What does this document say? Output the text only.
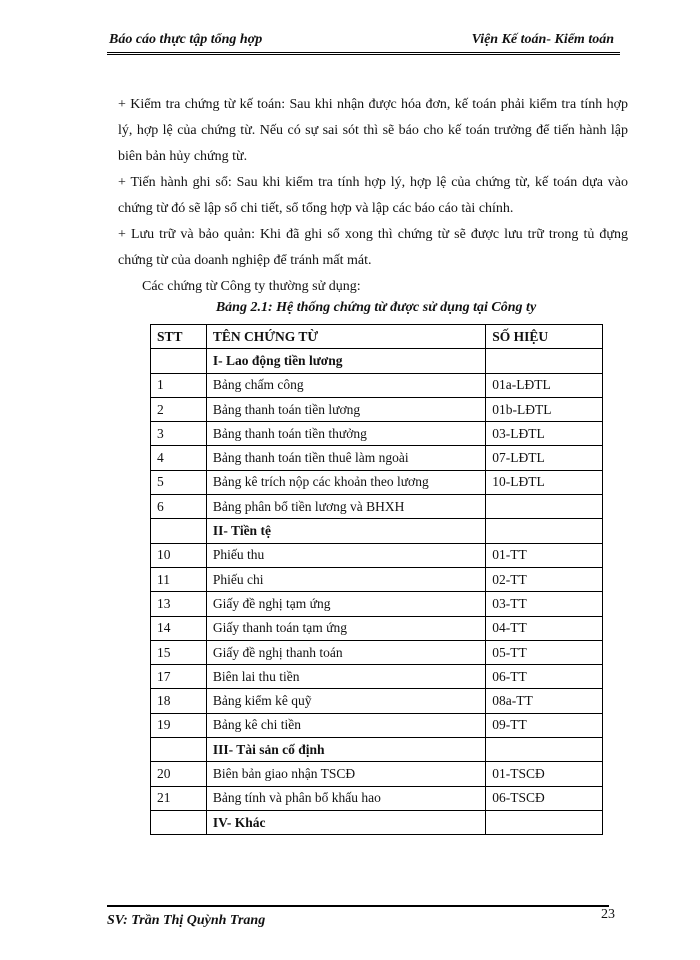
Báo cáo thực tập tổng hợp	Viện Kế toán- Kiểm toán

+ Kiểm tra chứng từ kế toán: Sau khi nhận được hóa đơn, kế toán phải kiểm tra tính hợp lý, hợp lệ của chứng từ. Nếu có sự sai sót thì sẽ báo cho kế toán trưởng để tiến hành lập biên bản hủy chứng từ.

+ Tiến hành ghi sổ: Sau khi kiểm tra tính hợp lý, hợp lệ của chứng từ, kế toán dựa vào chứng từ đó sẽ lập sổ chi tiết, sổ tổng hợp và lập các báo cáo tài chính.

+ Lưu trữ và bảo quản: Khi đã ghi sổ xong thì chứng từ sẽ được lưu trữ trong tủ đựng chứng từ của doanh nghiệp để tránh mất mát.

Các chứng từ Công ty thường sử dụng:

Bảng 2.1: Hệ thống chứng từ được sử dụng tại Công ty
STT	TÊN CHỨNG TỪ	SỐ HIỆU
	I- Lao động tiền lương	
1	Bảng chấm công	01a-LĐTL
2	Bảng thanh toán tiền lương	01b-LĐTL
3	Bảng thanh toán tiền thưởng	03-LĐTL
4	Bảng thanh toán tiền thuê làm ngoài	07-LĐTL
5	Bảng kê trích nộp các khoản theo lương	10-LĐTL
6	Bảng phân bổ tiền lương và BHXH	
	II- Tiền tệ	
10	Phiếu thu	01-TT
11	Phiếu chi	02-TT
13	Giấy đề nghị tạm ứng	03-TT
14	Giấy thanh toán tạm ứng	04-TT
15	Giấy đề nghị thanh toán	05-TT
17	Biên lai thu tiền	06-TT
18	Bảng kiểm kê quỹ	08a-TT
19	Bảng kê chi tiền	09-TT
	III- Tài sản cố định	
20	Biên bản giao nhận TSCĐ	01-TSCĐ
21	Bảng tính và phân bổ khấu hao	06-TSCĐ
	IV- Khác	
SV: Trần Thị Quỳnh Trang	23
